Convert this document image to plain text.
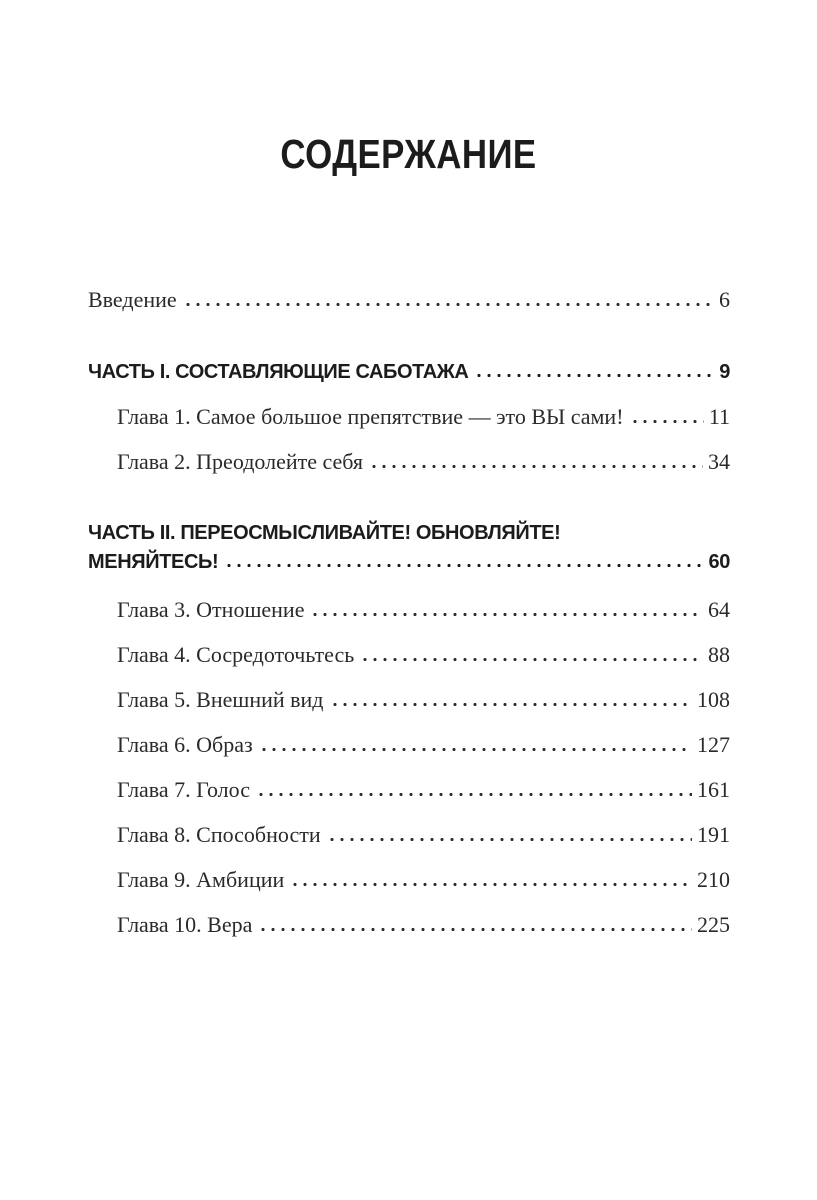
СОДЕРЖАНИЕ
Введение	6
ЧАСТЬ I. СОСТАВЛЯЮЩИЕ САБОТАЖА	9
Глава 1. Самое большое препятствие — это ВЫ сами!	11
Глава 2. Преодолейте себя	34
ЧАСТЬ II. ПЕРЕОСМЫСЛИВАЙТЕ! ОБНОВЛЯЙТЕ!
МЕНЯЙТЕСЬ!	60
Глава 3. Отношение	64
Глава 4. Сосредоточьтесь	88
Глава 5. Внешний вид	108
Глава 6. Образ	127
Глава 7. Голос	161
Глава 8. Способности	191
Глава 9. Амбиции	210
Глава 10. Вера	225
